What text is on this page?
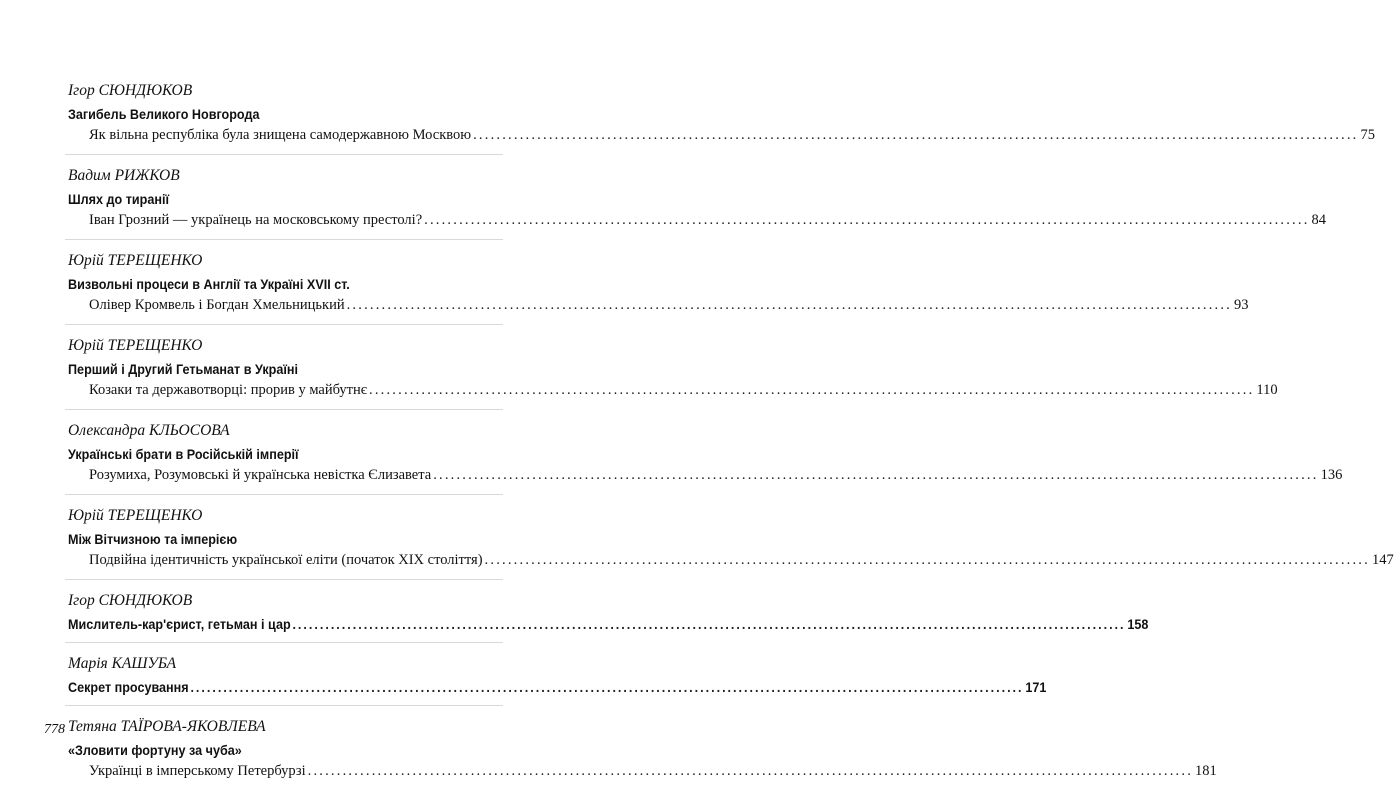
Ігор СЮНДЮКОВ
Загибель Великого Новгорода
Як вільна республіка була знищена самодержавною Москвою .....	75
Вадим РИЖКОВ
Шлях до тиранії
Іван Грозний — українець на московському престолі? .....	84
Юрій ТЕРЕЩЕНКО
Визвольні процеси в Англії та Україні XVII ст.
Олівер Кромвель і Богдан Хмельницький .....	93
Юрій ТЕРЕЩЕНКО
Перший і Другий Гетьманат в Україні
Козаки та державотворці: прорив у майбутнє .....	110
Олександра КЛЬОСОВА
Українські брати в Російській імперії
Розумиха, Розумовські й українська невістка Єлизавета .....	136
Юрій ТЕРЕЩЕНКО
Між Вітчизною та імперією
Подвійна ідентичність української еліти (початок XIX століття) .....	147
Ігор СЮНДЮКОВ
Мислитель-кар'єрист, гетьман і цар .....	158
Марія КАШУБА
Секрет просування .....	171
Тетяна ТАЇРОВА-ЯКОВЛЕВА
«Зловити фортуну за чуба»
Українці в імперському Петербурзі .....	181
778
